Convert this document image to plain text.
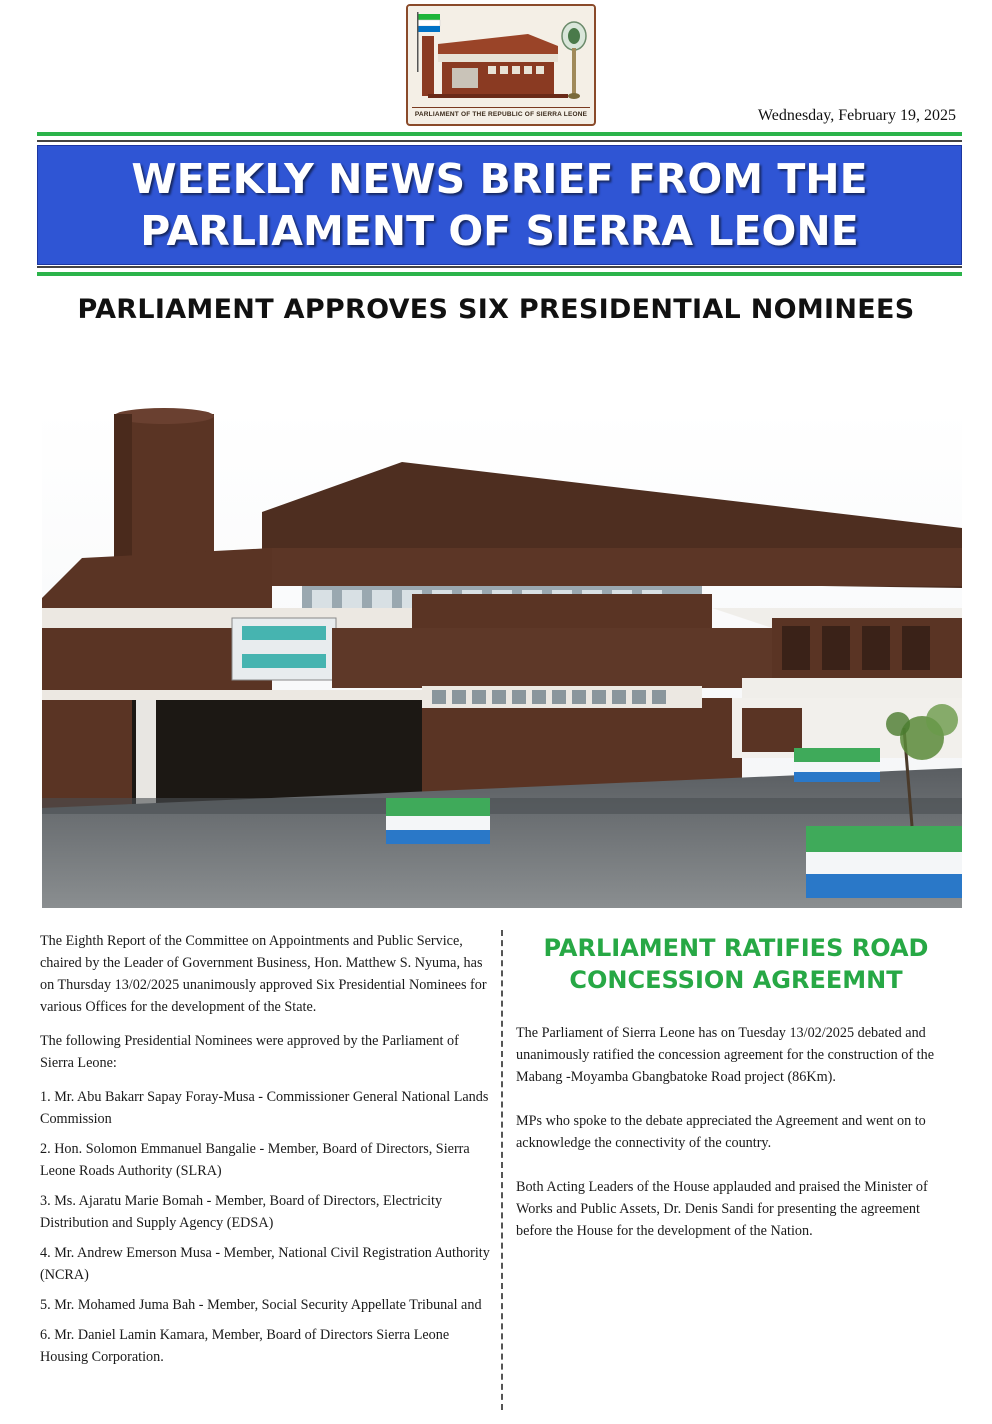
PARLIAMENT OF THE REPUBLIC OF SIERRA LEONE	Wednesday, February 19, 2025
WEEKLY NEWS BRIEF FROM THE
PARLIAMENT OF SIERRA LEONE
PARLIAMENT APPROVES SIX PRESIDENTIAL NOMINEES

The Eighth Report of the Committee on Appointments and Public Service, chaired by the Leader of Government Business, Hon. Matthew S. Nyuma, has on Thursday 13/02/2025 unanimously approved Six Presidential Nominees for various Offices for the development of the State.

The following Presidential Nominees were approved by the Parliament of Sierra Leone:

1. Mr. Abu Bakarr Sapay Foray-Musa - Commissioner General National Lands Commission

2. Hon. Solomon Emmanuel Bangalie - Member, Board of Directors, Sierra Leone Roads Authority (SLRA)

3. Ms. Ajaratu Marie Bomah - Member, Board of Directors, Electricity Distribution and Supply Agency (EDSA)

4. Mr. Andrew Emerson Musa - Member, National Civil Registration Authority (NCRA)

5. Mr. Mohamed Juma Bah - Member, Social Security Appellate Tribunal and

6. Mr. Daniel Lamin Kamara, Member, Board of Directors Sierra Leone Housing Corporation.

PARLIAMENT RATIFIES ROAD
CONCESSION AGREEMNT

The Parliament of Sierra Leone has on Tuesday 13/02/2025 debated and unanimously ratified the concession agreement for the construction of the Mabang -Moyamba Gbangbatoke Road project (86Km).

MPs who spoke to the debate appreciated the Agreement and went on to acknowledge the connectivity of the country.

Both Acting Leaders of the House applauded and praised the Minister of Works and Public Assets, Dr. Denis Sandi for presenting the agreement before the House for the development of the Nation.
